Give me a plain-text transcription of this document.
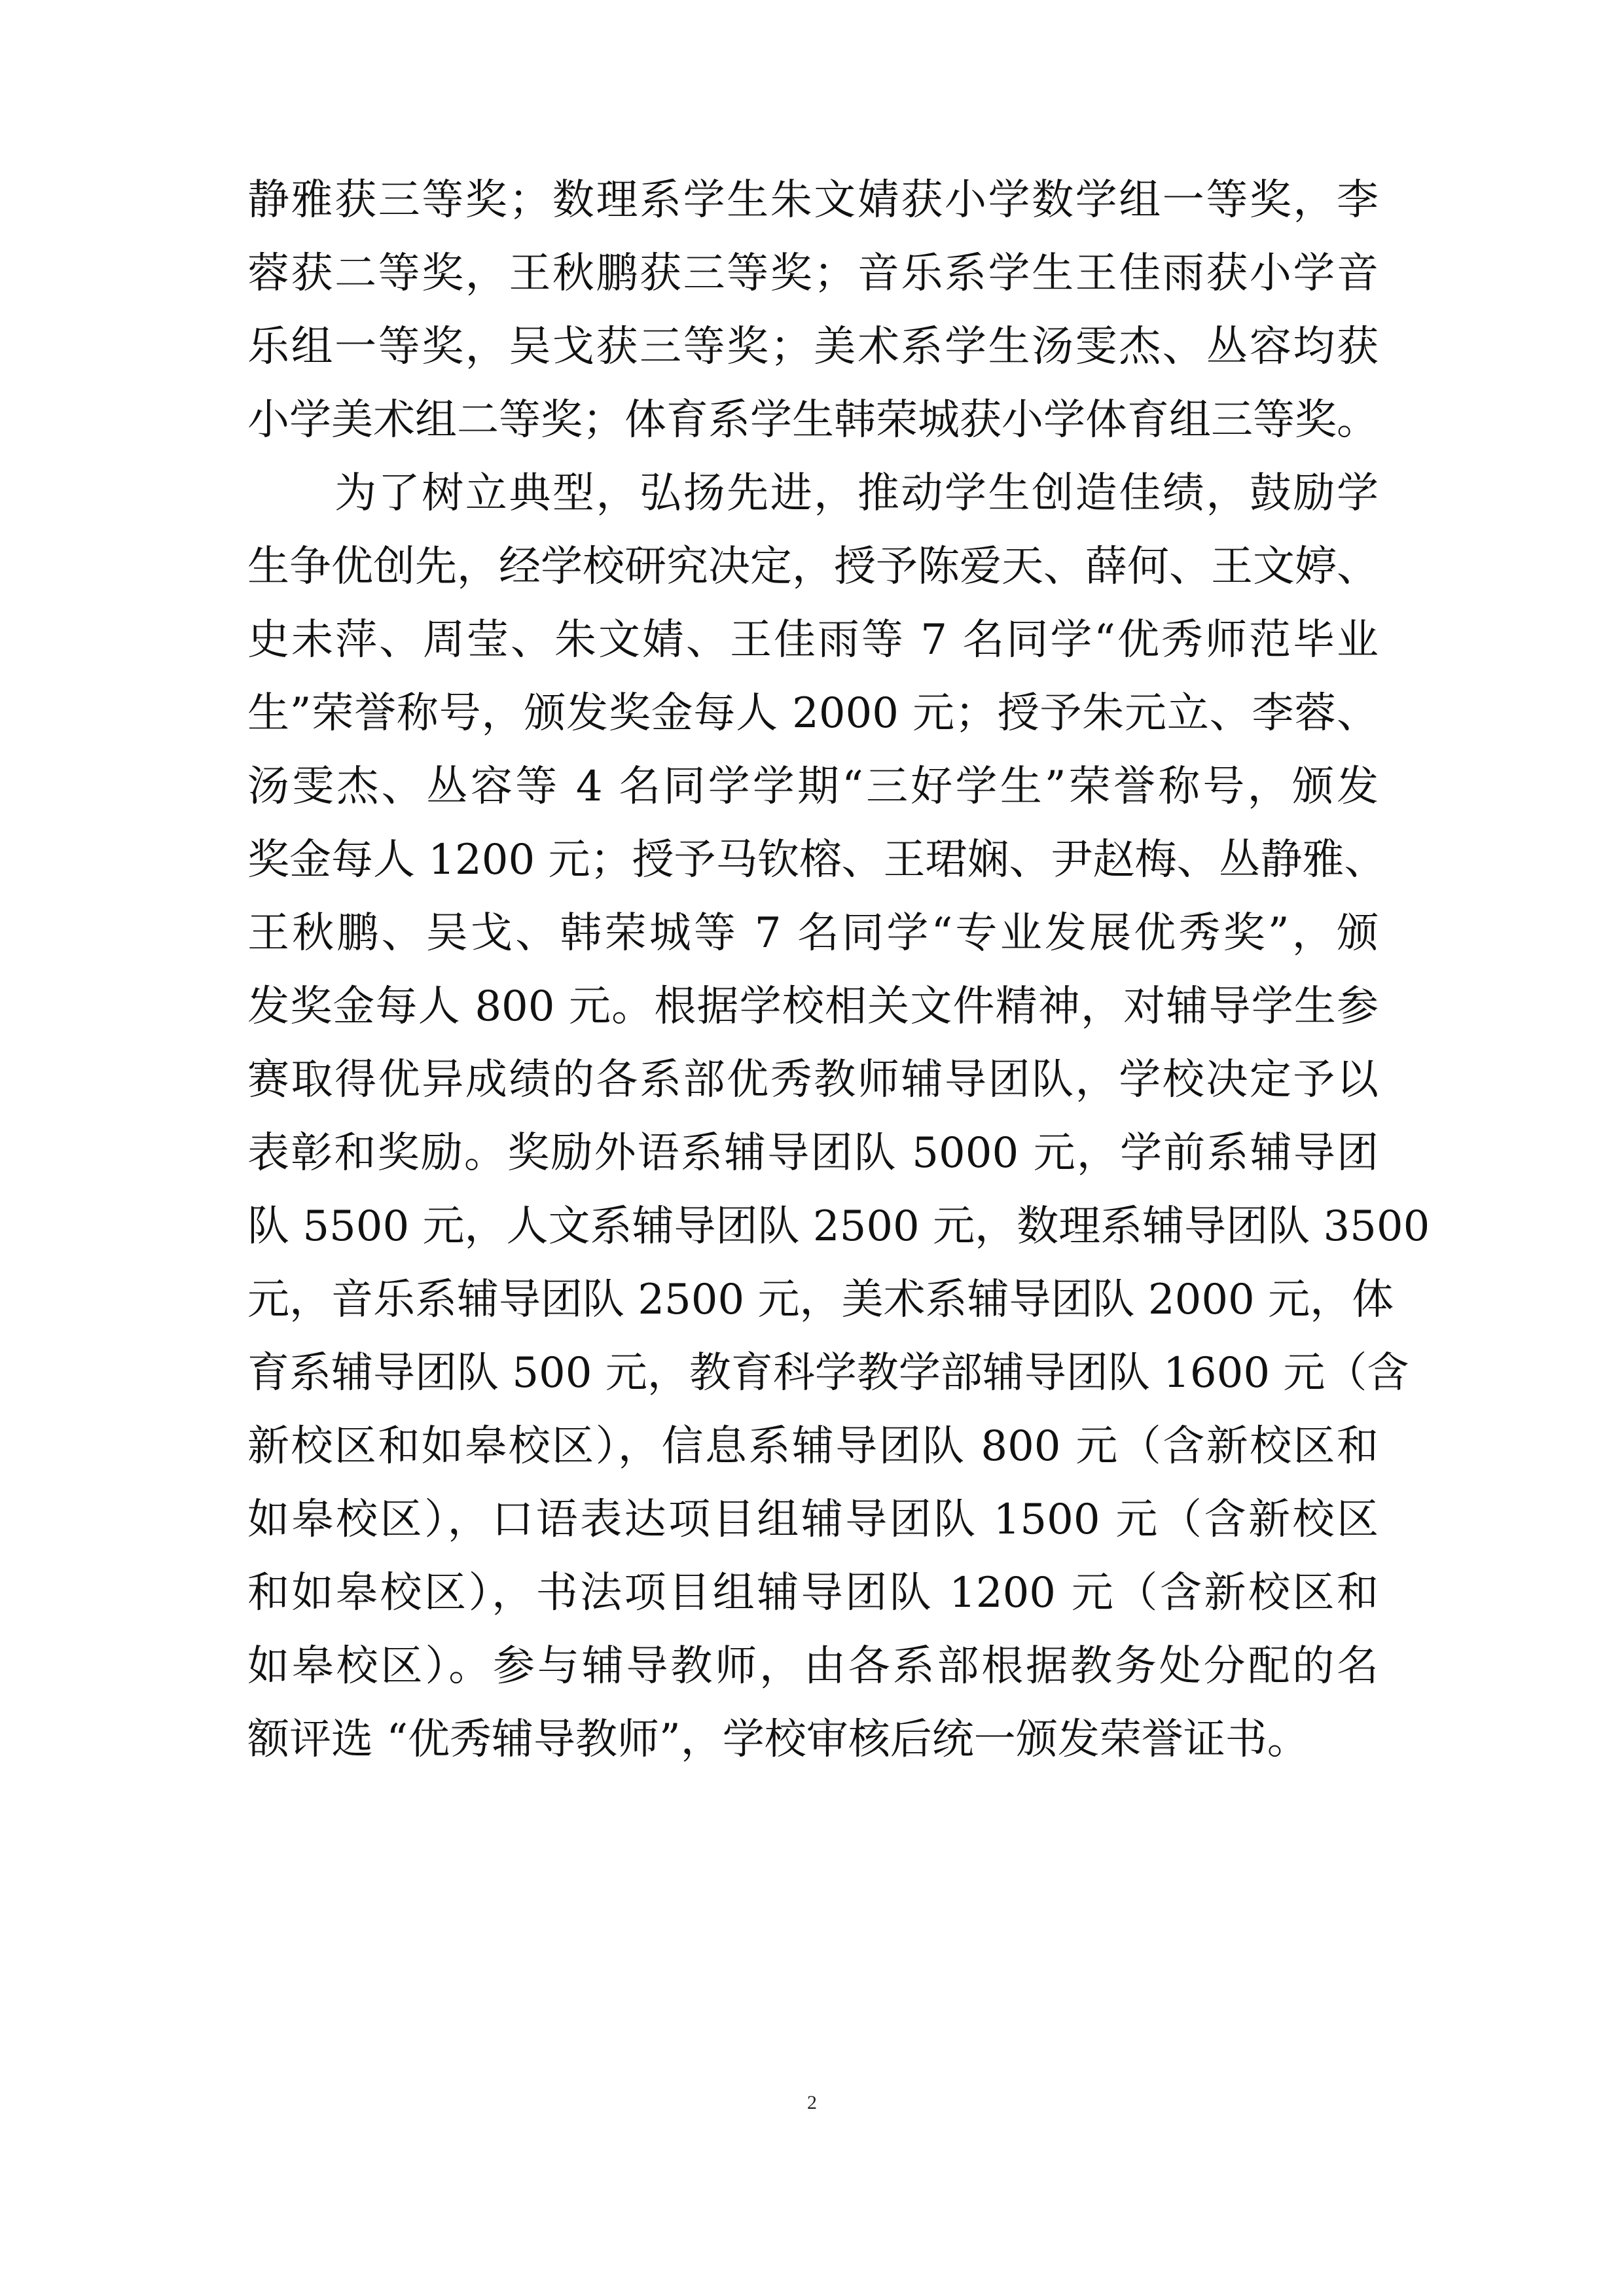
静雅获三等奖；数理系学生朱文婧获小学数学组一等奖，李
蓉获二等奖，王秋鹏获三等奖；音乐系学生王佳雨获小学音
乐组一等奖，吴戈获三等奖；美术系学生汤雯杰、丛容均获
小学美术组二等奖；体育系学生韩荣城获小学体育组三等奖。
　　为了树立典型，弘扬先进，推动学生创造佳绩，鼓励学
生争优创先，经学校研究决定，授予陈爱天、薛何、王文婷、
史未萍、周莹、朱文婧、王佳雨等 7 名同学“优秀师范毕业
生”荣誉称号，颁发奖金每人 2000 元；授予朱元立、李蓉、
汤雯杰、丛容等 4 名同学学期“三好学生”荣誉称号，颁发
奖金每人 1200 元；授予马钦榕、王珺娴、尹赵梅、丛静雅、
王秋鹏、吴戈、韩荣城等 7 名同学“专业发展优秀奖”，颁
发奖金每人 800 元。根据学校相关文件精神，对辅导学生参
赛取得优异成绩的各系部优秀教师辅导团队，学校决定予以
表彰和奖励。奖励外语系辅导团队 5000 元，学前系辅导团
队 5500 元，人文系辅导团队 2500 元，数理系辅导团队 3500
元，音乐系辅导团队 2500 元，美术系辅导团队 2000 元，体
育系辅导团队 500 元，教育科学教学部辅导团队 1600 元（含
新校区和如皋校区），信息系辅导团队 800 元（含新校区和
如皋校区），口语表达项目组辅导团队 1500 元（含新校区
和如皋校区），书法项目组辅导团队 1200 元（含新校区和
如皋校区）。参与辅导教师，由各系部根据教务处分配的名
额评选 “优秀辅导教师”，学校审核后统一颁发荣誉证书。
2
